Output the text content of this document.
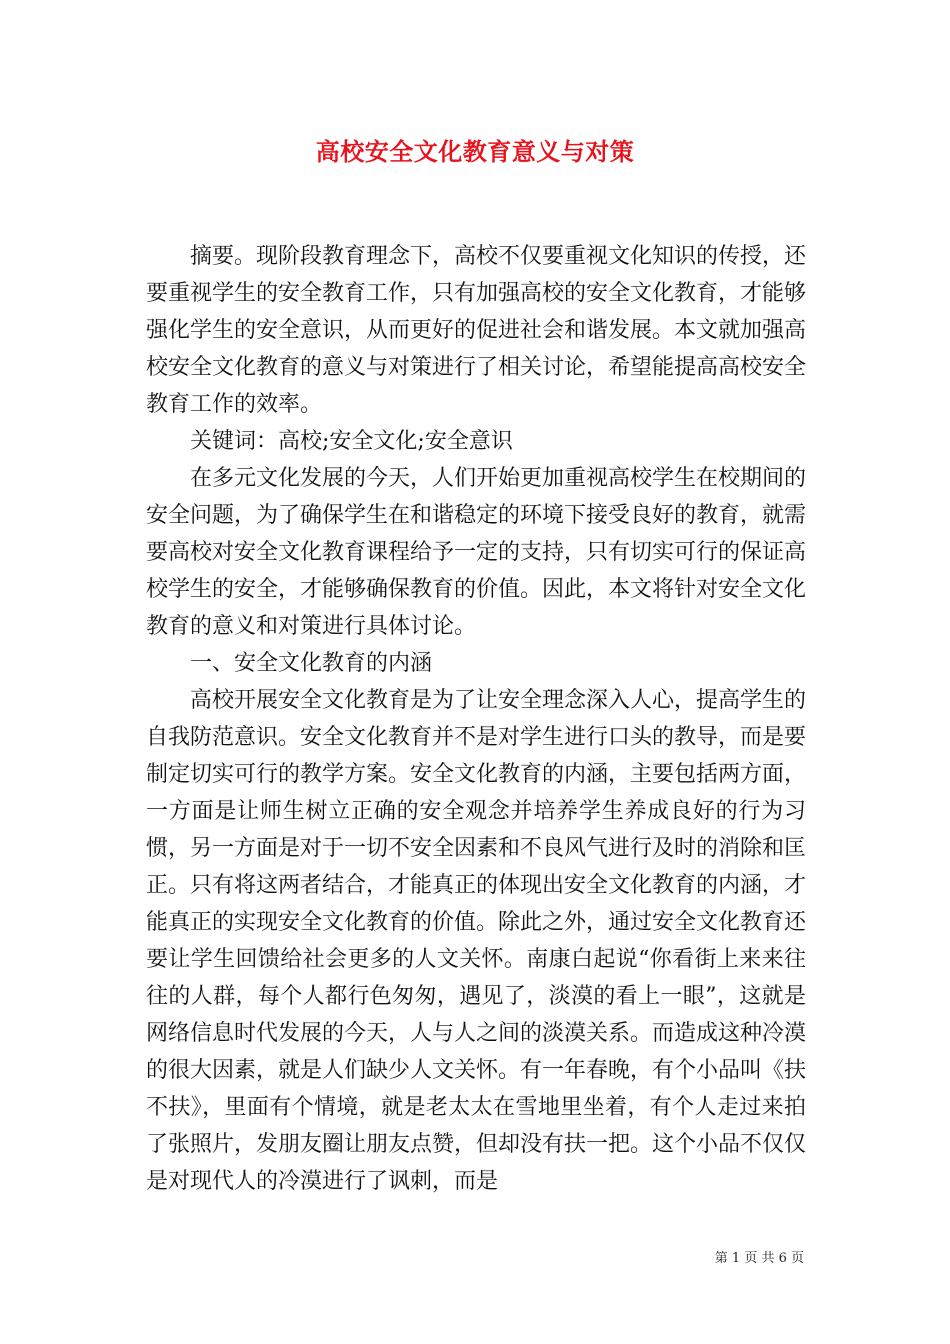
高校安全文化教育意义与对策

摘要。现阶段教育理念下，高校不仅要重视文化知识的传授，还要重视学生的安全教育工作，只有加强高校的安全文化教育，才能够强化学生的安全意识，从而更好的促进社会和谐发展。本文就加强高校安全文化教育的意义与对策进行了相关讨论，希望能提高高校安全教育工作的效率。

关键词：高校;安全文化;安全意识

在多元文化发展的今天，人们开始更加重视高校学生在校期间的安全问题，为了确保学生在和谐稳定的环境下接受良好的教育，就需要高校对安全文化教育课程给予一定的支持，只有切实可行的保证高校学生的安全，才能够确保教育的价值。因此，本文将针对安全文化教育的意义和对策进行具体讨论。

一、安全文化教育的内涵

高校开展安全文化教育是为了让安全理念深入人心，提高学生的自我防范意识。安全文化教育并不是对学生进行口头的教导，而是要制定切实可行的教学方案。安全文化教育的内涵，主要包括两方面，一方面是让师生树立正确的安全观念并培养学生养成良好的行为习惯，另一方面是对于一切不安全因素和不良风气进行及时的消除和匡正。只有将这两者结合，才能真正的体现出安全文化教育的内涵，才能真正的实现安全文化教育的价值。除此之外，通过安全文化教育还要让学生回馈给社会更多的人文关怀。南康白起说“你看街上来来往往的人群，每个人都行色匆匆，遇见了，淡漠的看上一眼”，这就是网络信息时代发展的今天，人与人之间的淡漠关系。而造成这种冷漠的很大因素，就是人们缺少人文关怀。有一年春晚，有个小品叫《扶不扶》，里面有个情境，就是老太太在雪地里坐着，有个人走过来拍了张照片，发朋友圈让朋友点赞，但却没有扶一把。这个小品不仅仅是对现代人的冷漠进行了讽刺，而是

第 1 页 共 6 页
